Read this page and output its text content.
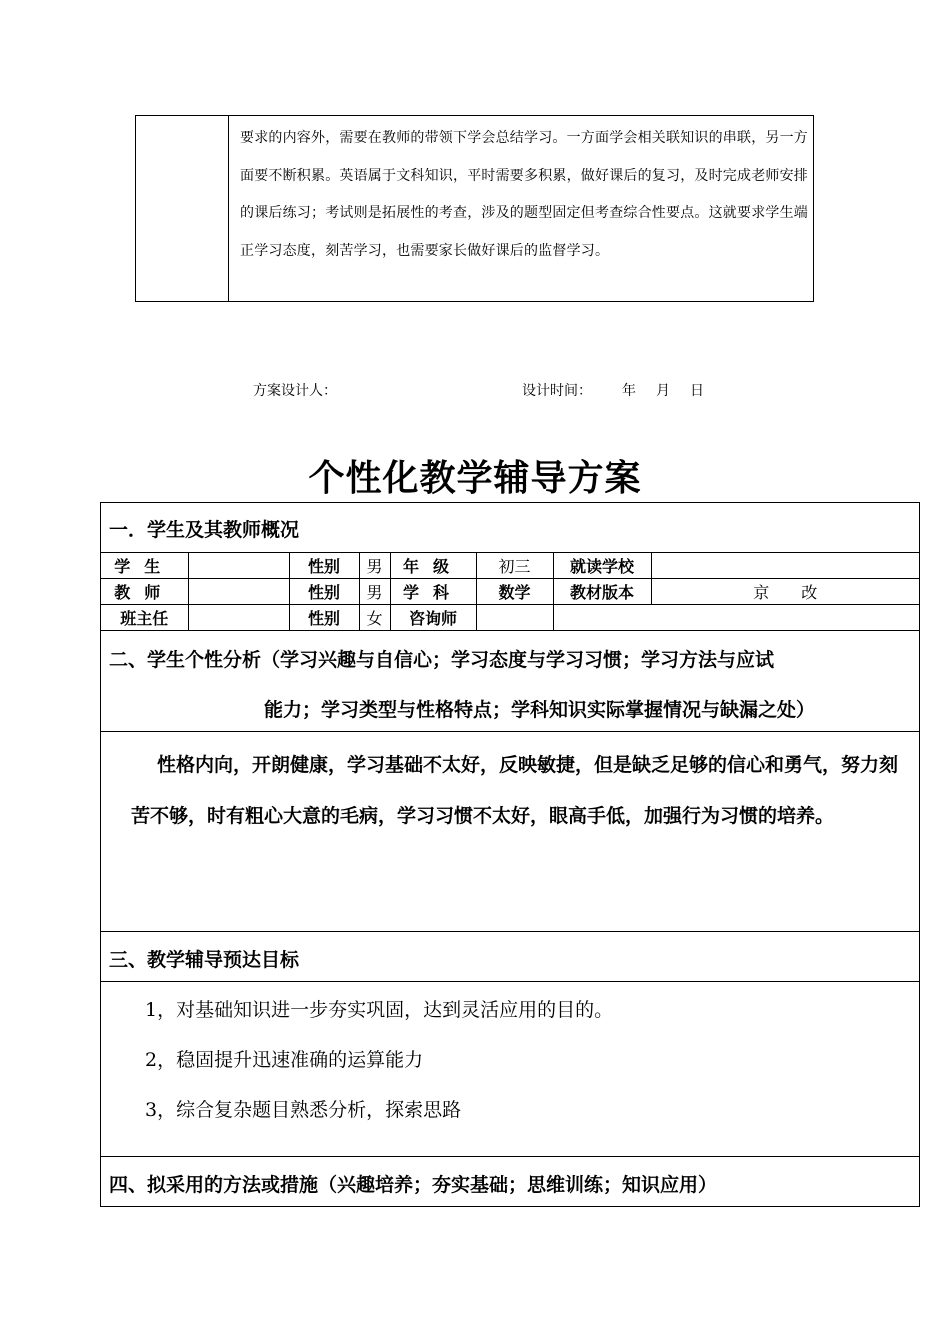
要求的内容外，需要在教师的带领下学会总结学习。一方面学会相关联知识的串联，另一方面要不断积累。英语属于文科知识，平时需要多积累，做好课后的复习，及时完成老师安排的课后练习；考试则是拓展性的考查，涉及的题型固定但考查综合性要点。这就要求学生端正学习态度，刻苦学习，也需要家长做好课后的监督学习。

方案设计人：	设计时间： 年 月 日
个性化教学辅导方案
一．学生及其教师概况
学生		性别	男	年级	初三	就读学校	
教师		性别	男	学科	数学	教材版本	京　　改
班主任		性别	女	咨询师			
二、学生个性分析（学习兴趣与自信心；学习态度与学习习惯；学习方法与应试
能力；学习类型与性格特点；学科知识实际掌握情况与缺漏之处）

性格内向，开朗健康，学习基础不太好，反映敏捷，但是缺乏足够的信心和勇气，努力刻苦不够，时有粗心大意的毛病，学习习惯不太好，眼高手低，加强行为习惯的培养。

三、教学辅导预达目标
1，对基础知识进一步夯实巩固，达到灵活应用的目的。
2，稳固提升迅速准确的运算能力
3，综合复杂题目熟悉分析，探索思路
四、拟采用的方法或措施（兴趣培养；夯实基础；思维训练；知识应用）
